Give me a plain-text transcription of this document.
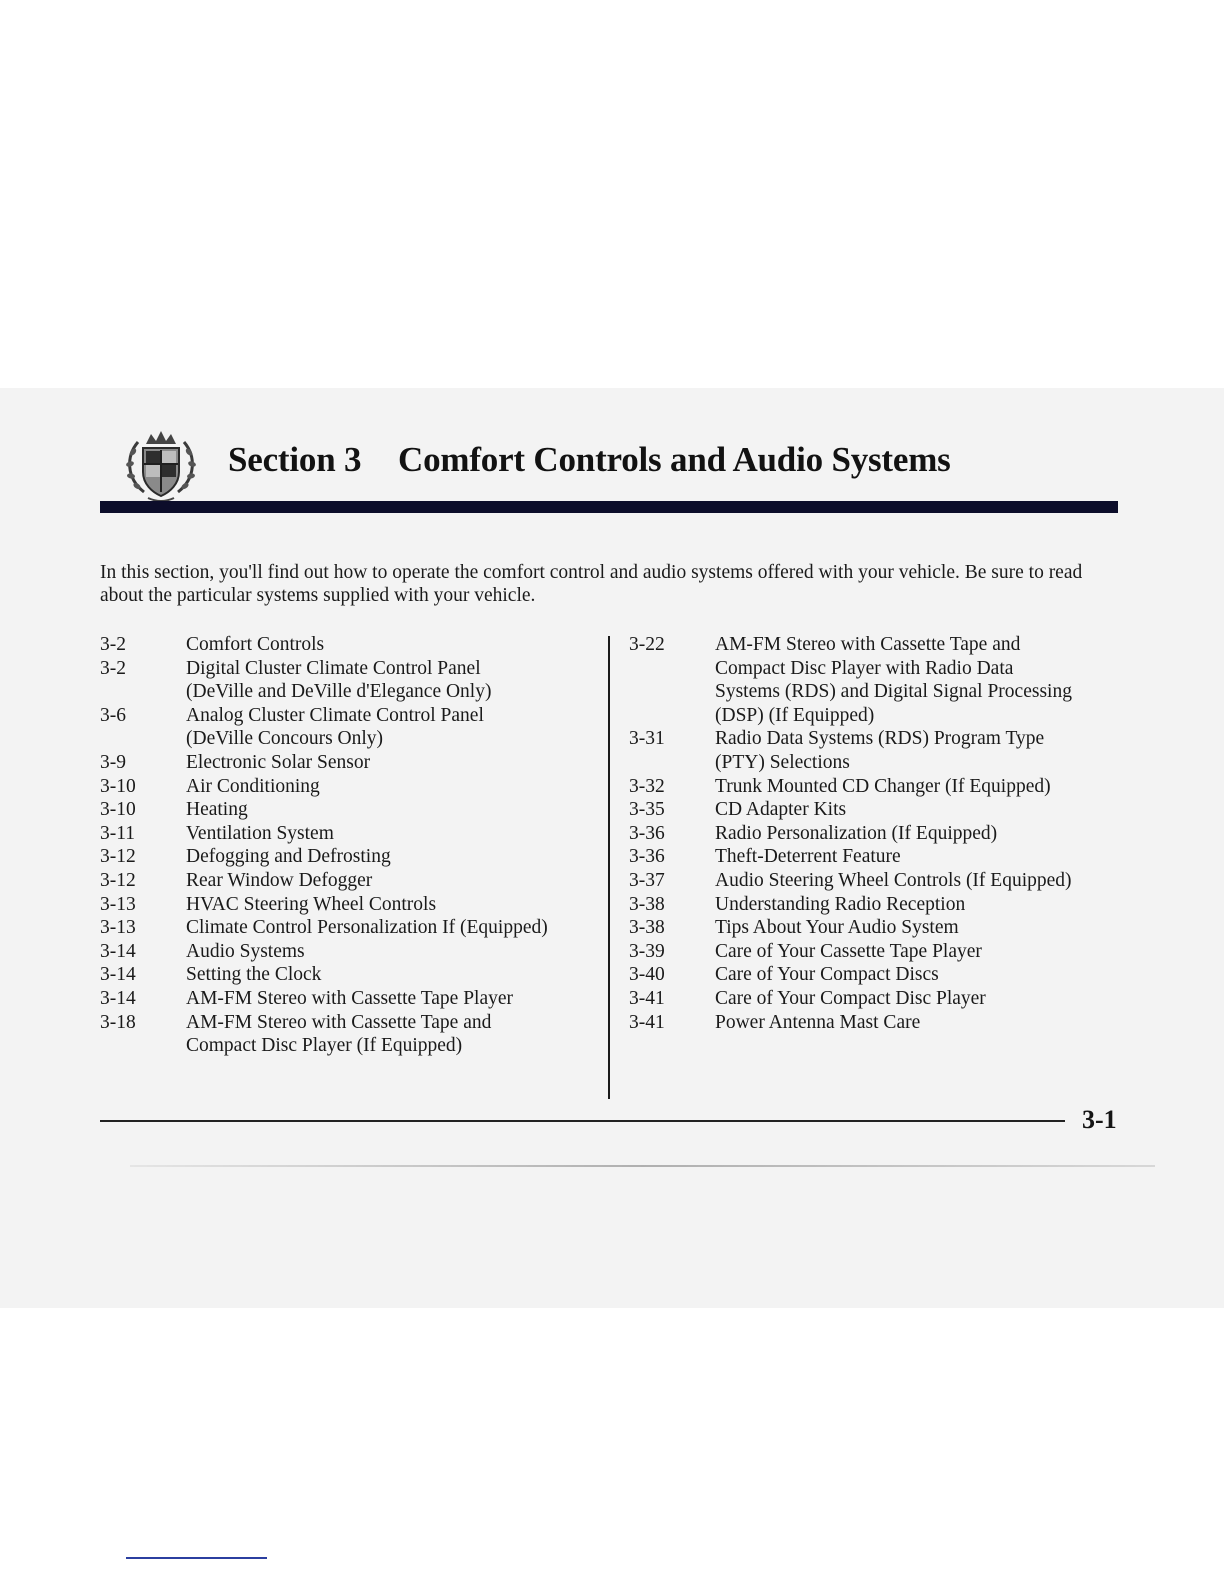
Section 3 Comfort Controls and Audio Systems

In this section, you'll find out how to operate the comfort control and audio systems offered with your vehicle. Be sure to read about the particular systems supplied with your vehicle.

3-2	Comfort Controls
3-2	Digital Cluster Climate Control Panel
(DeVille and DeVille d'Elegance Only)
3-6	Analog Cluster Climate Control Panel
(DeVille Concours Only)
3-9	Electronic Solar Sensor
3-10	Air Conditioning
3-10	Heating
3-11	Ventilation System
3-12	Defogging and Defrosting
3-12	Rear Window Defogger
3-13	HVAC Steering Wheel Controls
3-13	Climate Control Personalization If (Equipped)
3-14	Audio Systems
3-14	Setting the Clock
3-14	AM-FM Stereo with Cassette Tape Player
3-18	AM-FM Stereo with Cassette Tape and
Compact Disc Player (If Equipped)
3-22	AM-FM Stereo with Cassette Tape and
Compact Disc Player with Radio Data
Systems (RDS) and Digital Signal Processing
(DSP) (If Equipped)
3-31	Radio Data Systems (RDS) Program Type
(PTY) Selections
3-32	Trunk Mounted CD Changer (If Equipped)
3-35	CD Adapter Kits
3-36	Radio Personalization (If Equipped)
3-36	Theft-Deterrent Feature
3-37	Audio Steering Wheel Controls (If Equipped)
3-38	Understanding Radio Reception
3-38	Tips About Your Audio System
3-39	Care of Your Cassette Tape Player
3-40	Care of Your Compact Discs
3-41	Care of Your Compact Disc Player
3-41	Power Antenna Mast Care
3-1
